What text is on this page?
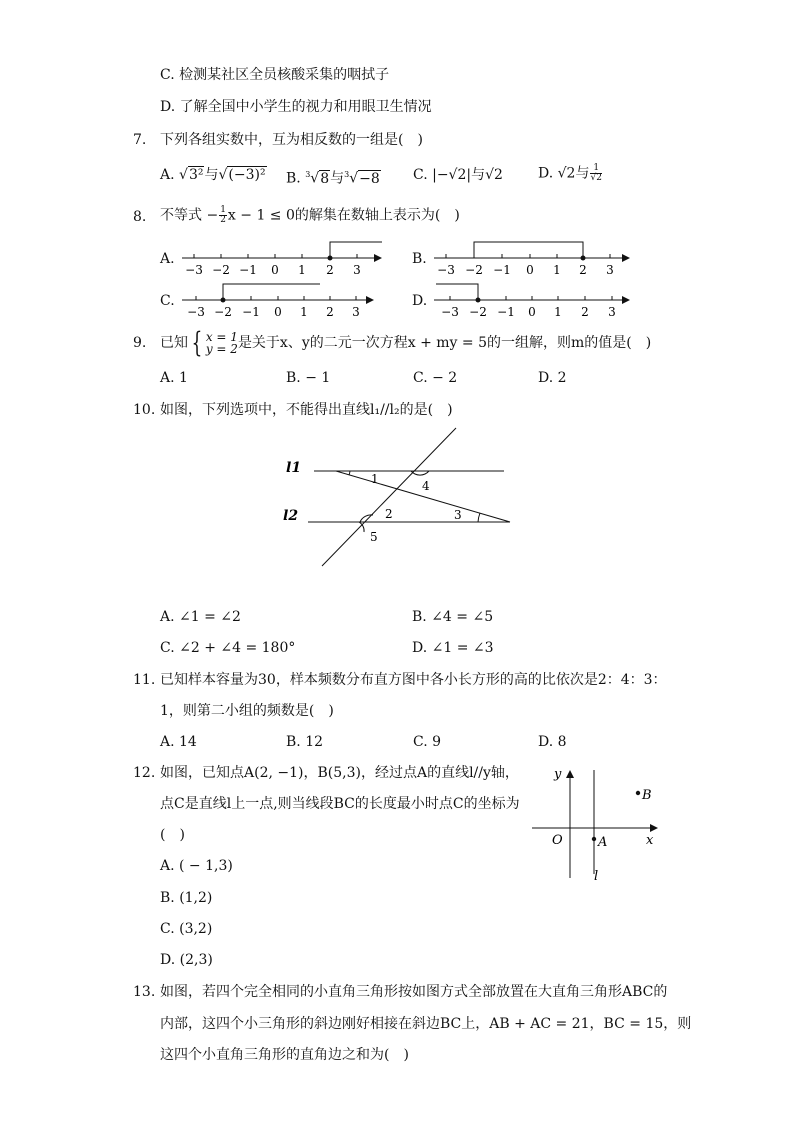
C. 检测某社区全员核酸采集的咽拭子
D. 了解全国中小学生的视力和用眼卫生情况
7. 下列各组实数中，互为相反数的一组是(　)
A. √3²与√(−3)² B. $^3$√8与$^3$√−8 C. |−√2|与√2	D. √2与 $\frac{1}{√2}$
8. 不等式 − $\frac{1}{2}$ x − 1 ≤ 0的解集在数轴上表示为(　)
A.	B.
C.	D.
−3 −2 −1 0 1 2 3	−3 −2 −1 0 1 2 3
−3 −2 −1 0 1 2 3	−3 −2 −1 0 1 2 3
9. 已知 { x = 1
y = 2 是关于x、y的二元一次方程x + my = 5的一组解，则m的值是(　)
A. 1	B. − 1	C. − 2	D. 2
10. 如图，下列选项中，不能得出直线l₁//l₂的是(　)
l1
l2
1
2	3
4
5
A. ∠1 = ∠2	B. ∠4 = ∠5
C. ∠2 + ∠4 = 180°	D. ∠1 = ∠3
11. 已知样本容量为30，样本频数分布直方图中各小长方形的高的比依次是2：4：3：
1，则第二小组的频数是(　)
A. 14	B. 12	C. 9	D. 8
12. 如图，已知点A(2, −1)，B(5,3)，经过点A的直线l//y轴，
点C是直线l上一点,则当线段BC的长度最小时点C的坐标为
(　)
A. ( − 1,3)
B. (1,2)
C. (3,2)
D. (2,3)
y
x
O	A
B
l
13. 如图，若四个完全相同的小直角三角形按如图方式全部放置在大直角三角形ABC的
内部，这四个小三角形的斜边刚好相接在斜边BC上，AB + AC = 21，BC = 15，则
这四个小直角三角形的直角边之和为(　)
